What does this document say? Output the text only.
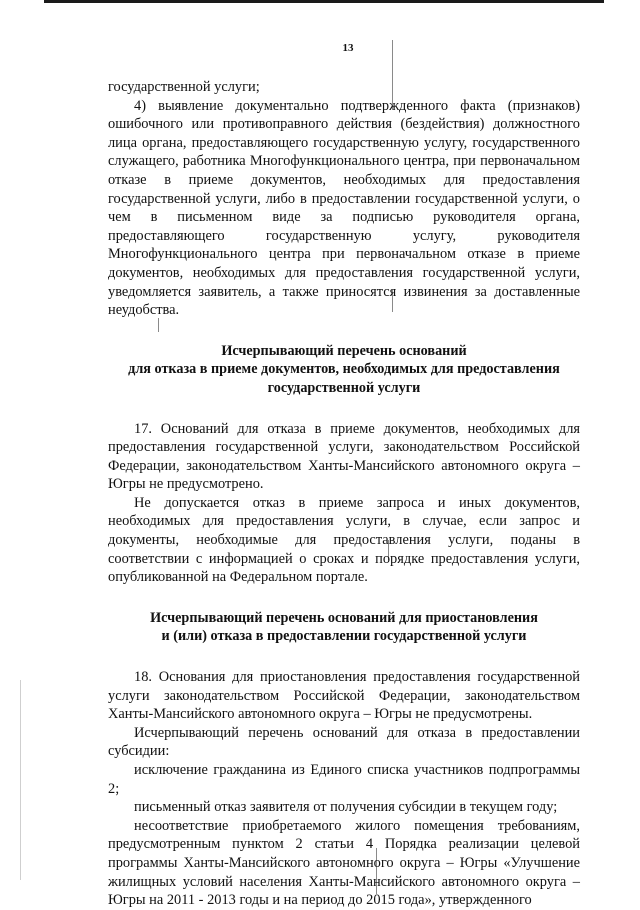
13

государственной услуги;

4) выявление документально подтвержденного факта (признаков) ошибочного или противоправного действия (бездействия) должностного лица органа, предоставляющего государственную услугу, государственного служащего, работника Многофункционального центра, при первоначальном отказе в приеме документов, необходимых для предоставления государственной услуги, либо в предоставлении государственной услуги, о чем в письменном виде за подписью руководителя органа, предоставляющего государственную услугу, руководителя Многофункционального центра при первоначальном отказе в приеме документов, необходимых для предоставления государственной услуги, уведомляется заявитель, а также приносятся извинения за доставленные неудобства.

Исчерпывающий перечень оснований
для отказа в приеме документов, необходимых для предоставления
государственной услуги

17. Оснований для отказа в приеме документов, необходимых для предоставления государственной услуги, законодательством Российской Федерации, законодательством Ханты-Мансийского автономного округа – Югры не предусмотрено.

Не допускается отказ в приеме запроса и иных документов, необходимых для предоставления услуги, в случае, если запрос и документы, необходимые для предоставления услуги, поданы в соответствии с информацией о сроках и порядке предоставления услуги, опубликованной на Федеральном портале.

Исчерпывающий перечень оснований для приостановления
и (или) отказа в предоставлении государственной услуги

18. Основания для приостановления предоставления государственной услуги законодательством Российской Федерации, законодательством Ханты-Мансийского автономного округа – Югры не предусмотрены.

Исчерпывающий перечень оснований для отказа в предоставлении субсидии:

исключение гражданина из Единого списка участников подпрограммы 2;

письменный отказ заявителя от получения субсидии в текущем году;

несоответствие приобретаемого жилого помещения требованиям, предусмотренным пунктом 2 статьи 4 Порядка реализации целевой программы Ханты-Мансийского автономного округа – Югры «Улучшение жилищных условий населения Ханты-Мансийского автономного округа – Югры на 2011 - 2013 годы и на период до 2015 года», утвержденного
